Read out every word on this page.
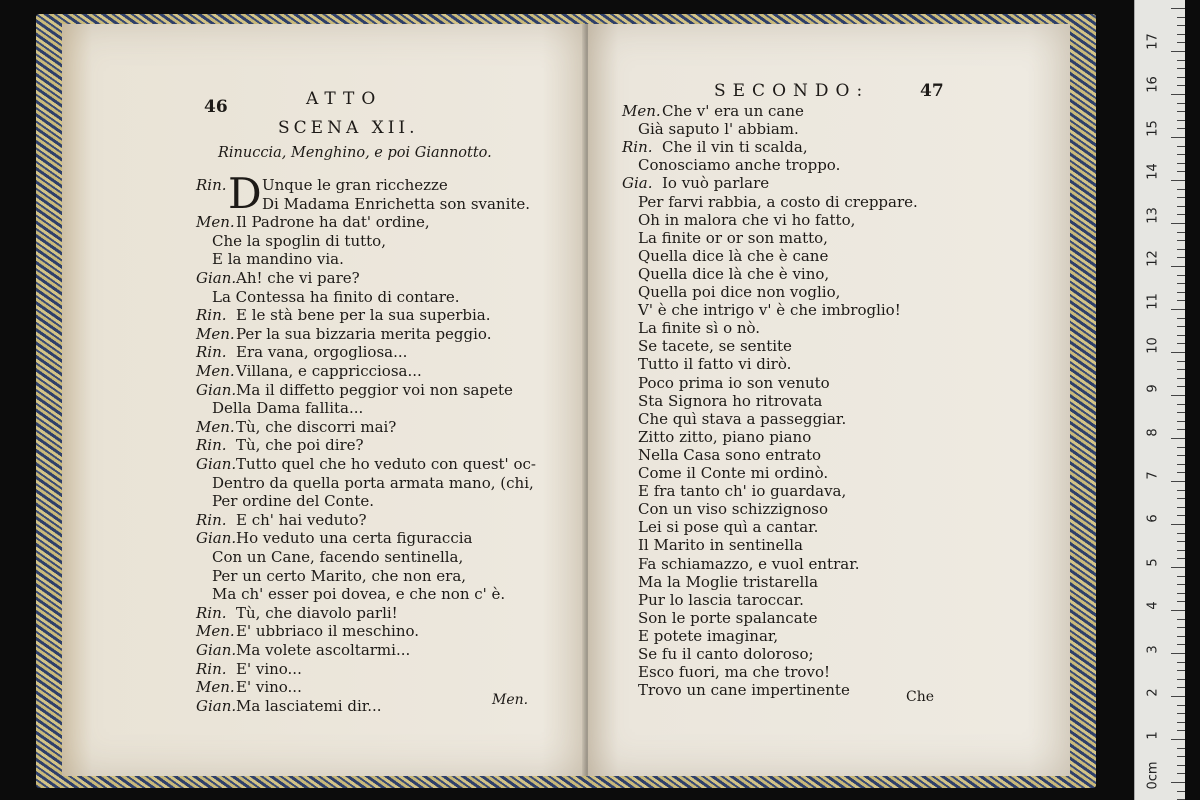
46	ATTO
SCENA XII.
Rinuccia, Menghino, e poi Giannotto.
Rin. D Unque le gran ricchezze
Di Madama Enrichetta son svanite.
Men. Il Padrone ha dat' ordine,
Che la spoglin di tutto,
E la mandino via.
Gian. Ah! che vi pare?
La Contessa ha finito di contare.
Rin. E le stà bene per la sua superbia.
Men. Per la sua bizzaria merita peggio.
Rin. Era vana, orgogliosa...
Men. Villana, e cappricciosa...
Gian. Ma il diffetto peggior voi non sapete
Della Dama fallita...
Men. Tù, che discorri mai?
Rin. Tù, che poi dire?
Gian. Tutto quel che ho veduto con quest' oc-
Dentro da quella porta armata mano, (chi,
Per ordine del Conte.
Rin. E ch' hai veduto?
Gian. Ho veduto una certa figuraccia
Con un Cane, facendo sentinella,
Per un certo Marito, che non era,
Ma ch' esser poi dovea, e che non c' è.
Rin. Tù, che diavolo parli!
Men. E' ubbriaco il meschino.
Gian. Ma volete ascoltarmi...
Rin. E' vino...
Men. E' vino...
Gian. Ma lasciatemi dir...	Men.
SECONDO:	47
Men. Che v' era un cane
Già saputo l' abbiam.
Rin. Che il vin ti scalda,
Conosciamo anche troppo.
Gia. Io vuò parlare
Per farvi rabbia, a costo di creppare.
Oh in malora che vi ho fatto,
La finite or or son matto,
Quella dice là che è cane
Quella dice là che è vino,
Quella poi dice non voglio,
V' è che intrigo v' è che imbroglio!
La finite sì o nò.
Se tacete, se sentite
Tutto il fatto vi dirò.
Poco prima io son venuto
Sta Signora ho ritrovata
Che quì stava a passeggiar.
Zitto zitto, piano piano
Nella Casa sono entrato
Come il Conte mi ordinò.
E fra tanto ch' io guardava,
Con un viso schizzignoso
Lei si pose quì a cantar.
Il Marito in sentinella
Fa schiamazzo, e vuol entrar.
Ma la Moglie tristarella
Pur lo lascia taroccar.
Son le porte spalancate
E potete imaginar,
Se fu il canto doloroso;
Esco fuori, ma che trovo!
Trovo un cane impertinente	Che
17
16
15
14
13
12
11
10
9
8
7
6
5
4
3
2
1
0cm
